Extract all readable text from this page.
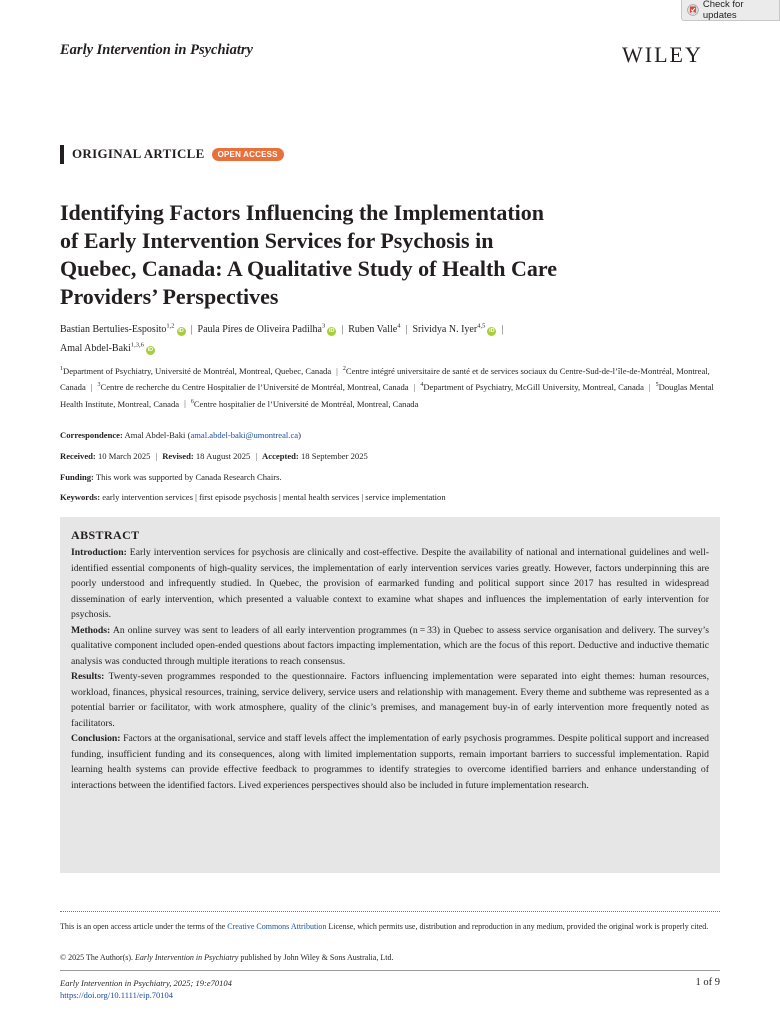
Check for updates
Early Intervention in Psychiatry	WILEY
ORIGINAL ARTICLE	OPEN ACCESS
Identifying Factors Influencing the Implementation
of Early Intervention Services for Psychosis in
Quebec, Canada: A Qualitative Study of Health Care
Providers’ Perspectives
Bastian Bertulies-Esposito$^{1,2}$iD | Paula Pires de Oliveira Padilha$^3$iD | Ruben Valle$^4$ | Srividya N. Iyer$^{4,5}$iD |
Amal Abdel-Baki$^{1,3,6}$iD
$^1$Department of Psychiatry, Université de Montréal, Montreal, Quebec, Canada | $^2$Centre intégré universitaire de santé et de services sociaux du Centre-Sud-de-l’île-de-Montréal, Montreal, Canada | $^3$Centre de recherche du Centre Hospitalier de l’Université de Montréal, Montreal, Canada | $^4$Department of Psychiatry, McGill University, Montreal, Canada | $^5$Douglas Mental Health Institute, Montreal, Canada | $^6$Centre hospitalier de l’Université de Montréal, Montreal, Canada
Correspondence: Amal Abdel-Baki (amal.abdel-baki@umontreal.ca)
Received: 10 March 2025 | Revised: 18 August 2025 | Accepted: 18 September 2025
Funding: This work was supported by Canada Research Chairs.
Keywords: early intervention services | first episode psychosis | mental health services | service implementation
ABSTRACT

Introduction: Early intervention services for psychosis are clinically and cost-effective. Despite the availability of national and international guidelines and well-identified essential components of high-quality services, the implementation of early intervention services varies greatly. However, factors underpinning this are poorly understood and infrequently studied. In Quebec, the provision of earmarked funding and political support since 2017 has resulted in widespread dissemination of early intervention, which presented a valuable context to examine what shapes and influences the implementation of early intervention for psychosis.

Methods: An online survey was sent to leaders of all early intervention programmes (n = 33) in Quebec to assess service organisation and delivery. The survey’s qualitative component included open-ended questions about factors impacting implementation, which are the focus of this report. Deductive and inductive thematic analysis was conducted through multiple iterations to reach consensus.

Results: Twenty-seven programmes responded to the questionnaire. Factors influencing implementation were separated into eight themes: human resources, workload, finances, physical resources, training, service delivery, service users and relationship with management. Every theme and subtheme was represented as a potential barrier or facilitator, with work atmosphere, quality of the clinic’s premises, and management buy-in of early intervention more frequently noted as facilitators.

Conclusion: Factors at the organisational, service and staff levels affect the implementation of early psychosis programmes. Despite political support and increased funding, insufficient funding and its consequences, along with limited implementation supports, remain important barriers to successful implementation. Rapid learning health systems can provide effective feedback to programmes to identify strategies to overcome identified barriers and enhance understanding of interactions between the identified factors. Lived experiences perspectives should also be included in future implementation research.

This is an open access article under the terms of the Creative Commons Attribution License, which permits use, distribution and reproduction in any medium, provided the original work is properly cited.
© 2025 The Author(s). Early Intervention in Psychiatry published by John Wiley & Sons Australia, Ltd.
Early Intervention in Psychiatry, 2025; 19:e70104
https://doi.org/10.1111/eip.70104
1 of 9
